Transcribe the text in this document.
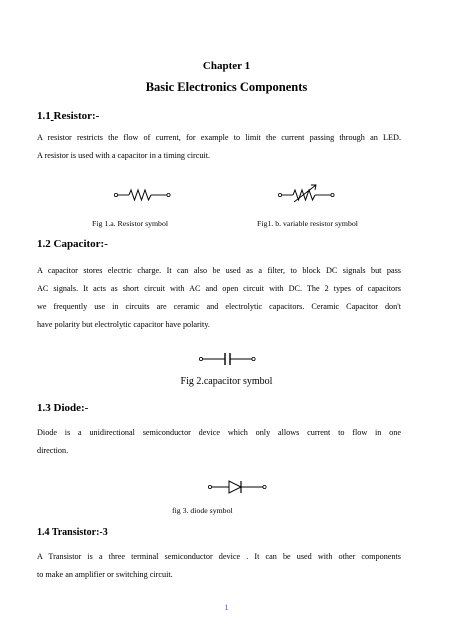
Chapter 1
Basic Electronics Components
1.1 Resistor:-
A resistor restricts the flow of current, for example to limit the current passing through an LED.
A resistor is used with a capacitor in a timing circuit.
Fig 1.a. Resistor symbol	Fig1. b. variable resistor symbol
1.2 Capacitor:-
A capacitor stores electric charge. It can also be used as a filter, to block DC signals but pass
AC signals. It acts as short circuit with AC and open circuit with DC. The 2 types of capacitors
we frequently use in circuits are ceramic and electrolytic capacitors. Ceramic Capacitor don't
have polarity but electrolytic capacitor have polarity.
Fig 2.capacitor symbol
1.3 Diode:-
Diode is a unidirectional semiconductor device which only allows current to flow in one
direction.
fig 3. diode symbol
1.4 Transistor:-3
A Transistor is a three terminal semiconductor device . It can be used with other components
to make an amplifier or switching circuit.
1
